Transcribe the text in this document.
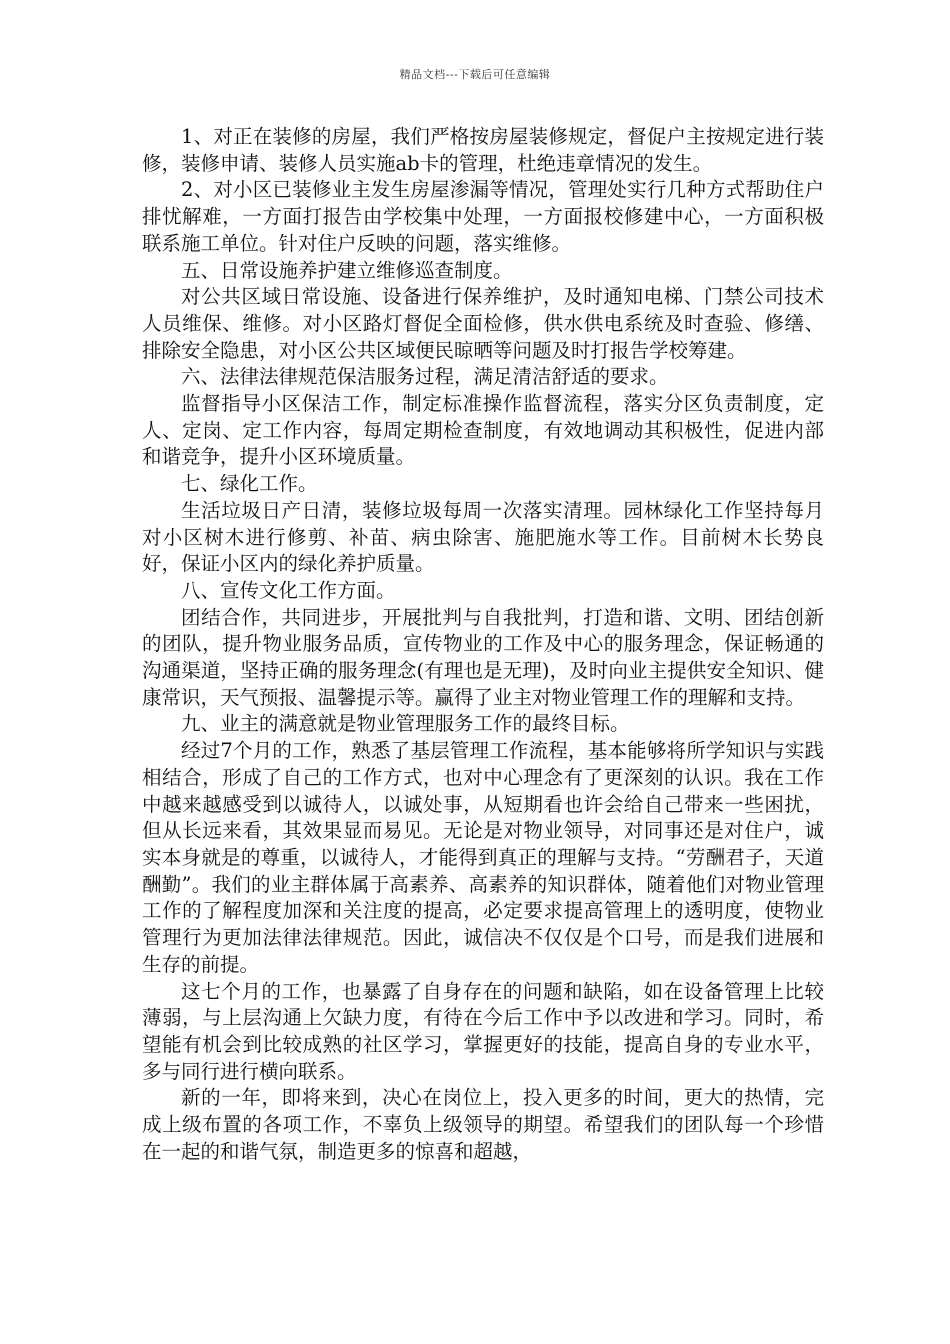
精品文档---下载后可任意编辑

1、对正在装修的房屋，我们严格按房屋装修规定，督促户主按规定进行装修，装修申请、装修人员实施ab卡的管理，杜绝违章情况的发生。

2、对小区已装修业主发生房屋渗漏等情况，管理处实行几种方式帮助住户排忧解难，一方面打报告由学校集中处理，一方面报校修建中心，一方面积极联系施工单位。针对住户反映的问题，落实维修。

五、日常设施养护建立维修巡查制度。

对公共区域日常设施、设备进行保养维护，及时通知电梯、门禁公司技术人员维保、维修。对小区路灯督促全面检修，供水供电系统及时查验、修缮、排除安全隐患，对小区公共区域便民晾晒等问题及时打报告学校筹建。

六、法律法律规范保洁服务过程，满足清洁舒适的要求。

监督指导小区保洁工作，制定标准操作监督流程，落实分区负责制度，定人、定岗、定工作内容，每周定期检查制度，有效地调动其积极性，促进内部和谐竞争，提升小区环境质量。

七、绿化工作。

生活垃圾日产日清，装修垃圾每周一次落实清理。园林绿化工作坚持每月对小区树木进行修剪、补苗、病虫除害、施肥施水等工作。目前树木长势良好，保证小区内的绿化养护质量。

八、宣传文化工作方面。

团结合作，共同进步，开展批判与自我批判，打造和谐、文明、团结创新的团队，提升物业服务品质，宣传物业的工作及中心的服务理念，保证畅通的沟通渠道，坚持正确的服务理念(有理也是无理)，及时向业主提供安全知识、健康常识，天气预报、温馨提示等。赢得了业主对物业管理工作的理解和支持。

九、业主的满意就是物业管理服务工作的最终目标。

经过7个月的工作，熟悉了基层管理工作流程，基本能够将所学知识与实践相结合，形成了自己的工作方式，也对中心理念有了更深刻的认识。我在工作中越来越感受到以诚待人，以诚处事，从短期看也许会给自己带来一些困扰，但从长远来看，其效果显而易见。无论是对物业领导，对同事还是对住户，诚实本身就是的尊重，以诚待人，才能得到真正的理解与支持。“劳酬君子，天道酬勤”。我们的业主群体属于高素养、高素养的知识群体，随着他们对物业管理工作的了解程度加深和关注度的提高，必定要求提高管理上的透明度，使物业管理行为更加法律法律规范。因此，诚信决不仅仅是个口号，而是我们进展和生存的前提。

这七个月的工作，也暴露了自身存在的问题和缺陷，如在设备管理上比较薄弱，与上层沟通上欠缺力度，有待在今后工作中予以改进和学习。同时，希望能有机会到比较成熟的社区学习，掌握更好的技能，提高自身的专业水平，多与同行进行横向联系。

新的一年，即将来到，决心在岗位上，投入更多的时间，更大的热情，完成上级布置的各项工作，不辜负上级领导的期望。希望我们的团队每一个珍惜在一起的和谐气氛，制造更多的惊喜和超越，
